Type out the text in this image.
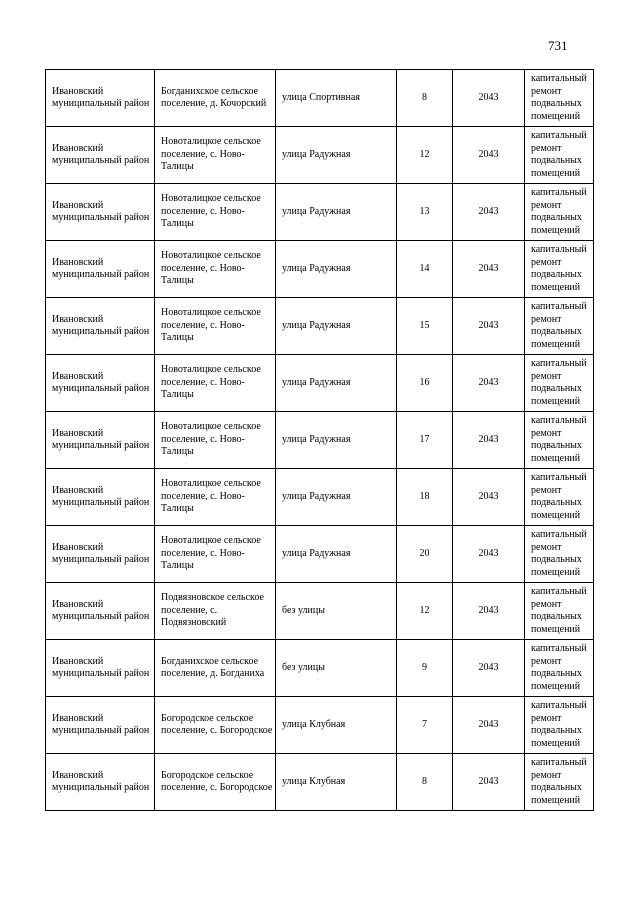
731
Ивановский муниципальный район	Богданихское сельское поселение, д. Кочорский	улица Спортивная	8	2043	капитальный ремонт подвальных помещений
Ивановский муниципальный район	Новоталицкое сельское поселение, с. Ново-Талицы	улица Радужная	12	2043	капитальный ремонт подвальных помещений
Ивановский муниципальный район	Новоталицкое сельское поселение, с. Ново-Талицы	улица Радужная	13	2043	капитальный ремонт подвальных помещений
Ивановский муниципальный район	Новоталицкое сельское поселение, с. Ново-Талицы	улица Радужная	14	2043	капитальный ремонт подвальных помещений
Ивановский муниципальный район	Новоталицкое сельское поселение, с. Ново-Талицы	улица Радужная	15	2043	капитальный ремонт подвальных помещений
Ивановский муниципальный район	Новоталицкое сельское поселение, с. Ново-Талицы	улица Радужная	16	2043	капитальный ремонт подвальных помещений
Ивановский муниципальный район	Новоталицкое сельское поселение, с. Ново-Талицы	улица Радужная	17	2043	капитальный ремонт подвальных помещений
Ивановский муниципальный район	Новоталицкое сельское поселение, с. Ново-Талицы	улица Радужная	18	2043	капитальный ремонт подвальных помещений
Ивановский муниципальный район	Новоталицкое сельское поселение, с. Ново-Талицы	улица Радужная	20	2043	капитальный ремонт подвальных помещений
Ивановский муниципальный район	Подвязновское сельское поселение, с. Подвязновский	без улицы	12	2043	капитальный ремонт подвальных помещений
Ивановский муниципальный район	Богданихское сельское поселение, д. Богданиха	без улицы	9	2043	капитальный ремонт подвальных помещений
Ивановский муниципальный район	Богородское сельское поселение, с. Богородское	улица Клубная	7	2043	капитальный ремонт подвальных помещений
Ивановский муниципальный район	Богородское сельское поселение, с. Богородское	улица Клубная	8	2043	капитальный ремонт подвальных помещений
